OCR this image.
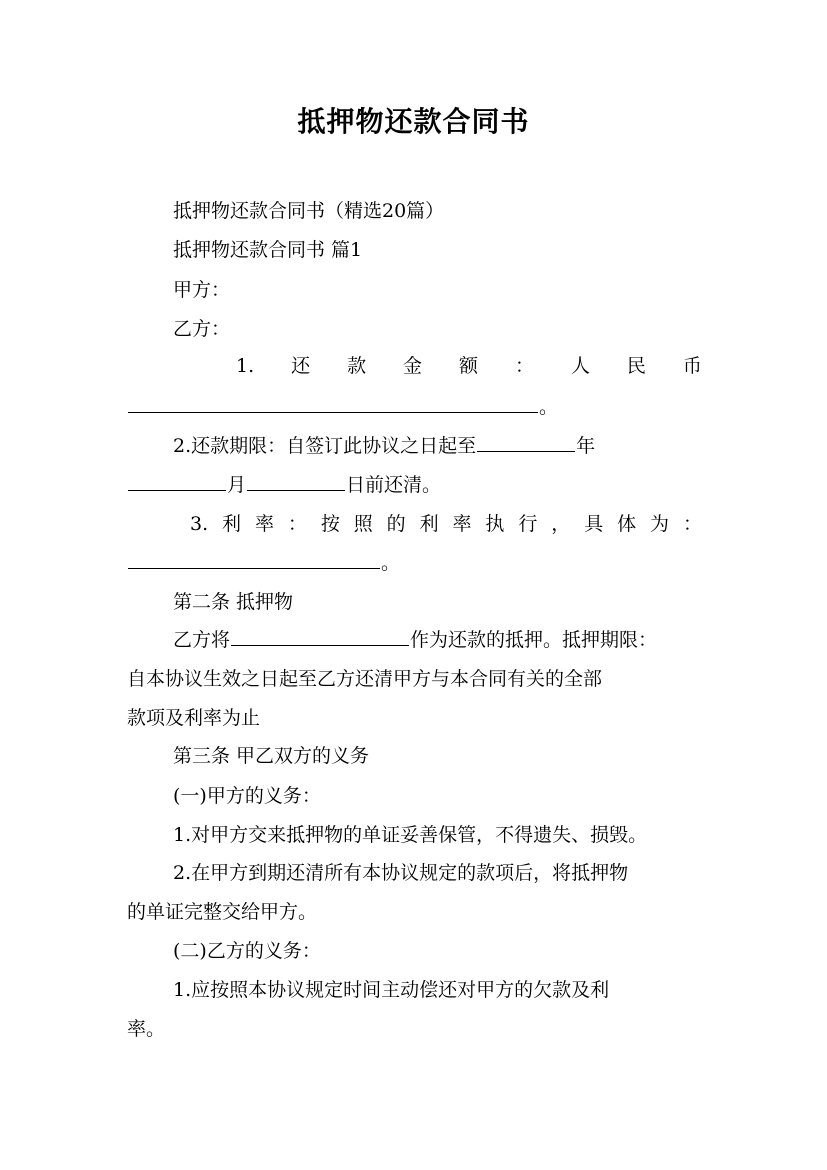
抵押物还款合同书
抵押物还款合同书（精选20篇）
抵押物还款合同书 篇1
甲方：
乙方：
1. 还 款 金 额 ： 人 民 币
。
2.还款期限：自签订此协议之日起至	年
月	日前还清。
3. 利 率 ： 按 照 的 利 率 执 行 ， 具 体 为 ：
。
第二条 抵押物
乙方将	作为还款的抵押。抵押期限：
自本协议生效之日起至乙方还清甲方与本合同有关的全部
款项及利率为止
第三条 甲乙双方的义务
(一)甲方的义务：
1.对甲方交来抵押物的单证妥善保管，不得遗失、损毁。
2.在甲方到期还清所有本协议规定的款项后，将抵押物
的单证完整交给甲方。
(二)乙方的义务：
1.应按照本协议规定时间主动偿还对甲方的欠款及利
率。
